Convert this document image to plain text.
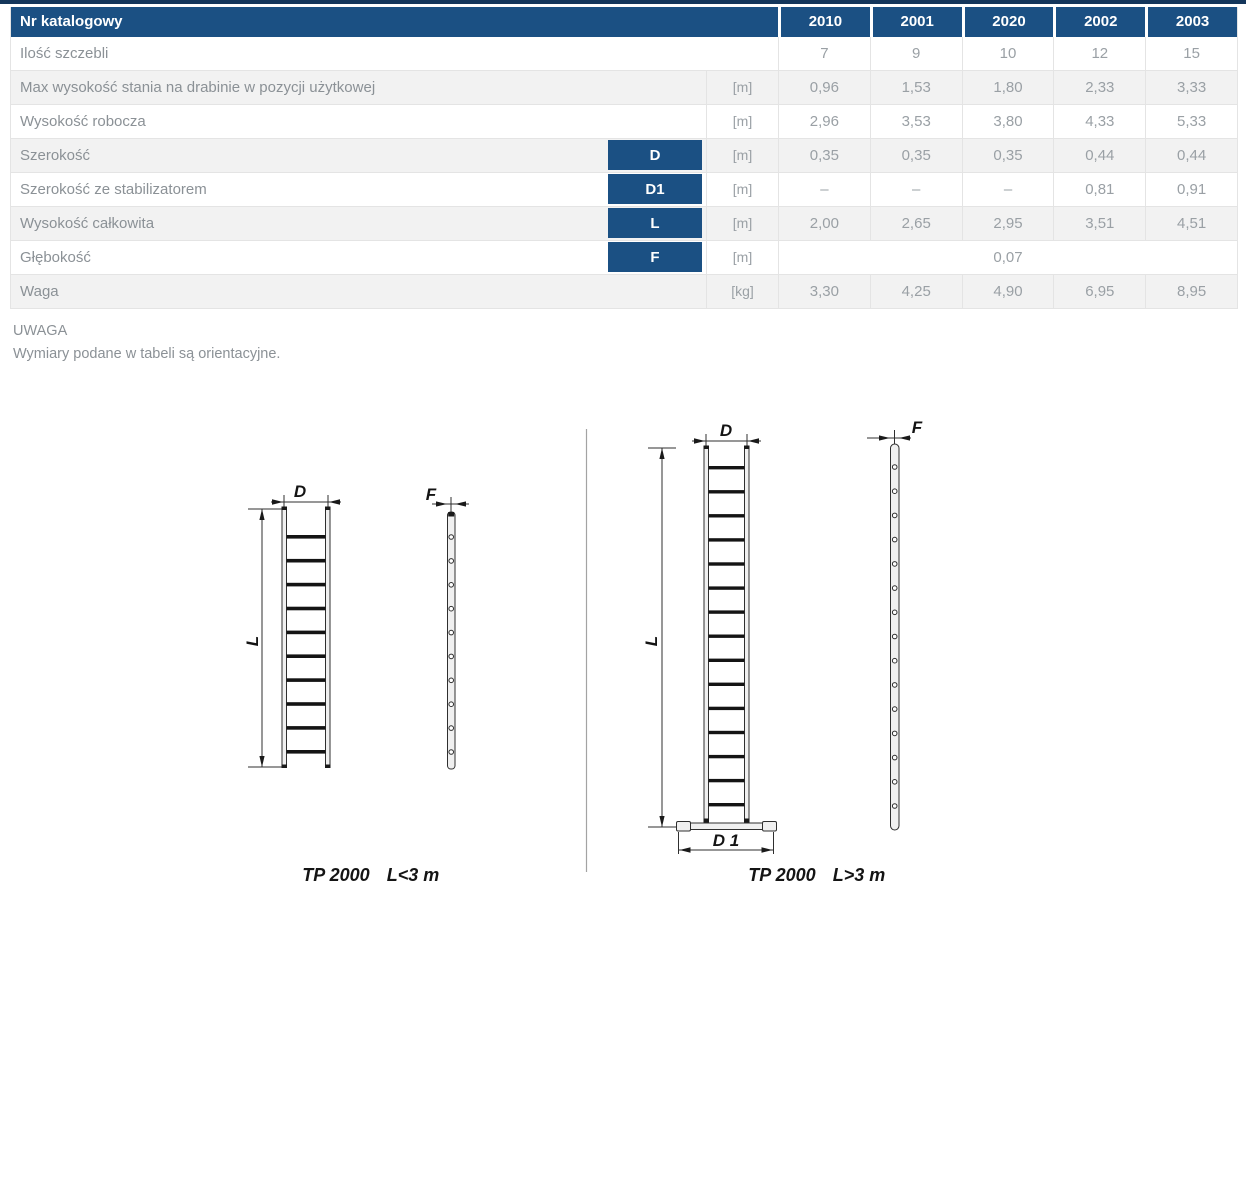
Nr katalogowy	2010	2001	2020	2002	2003
Ilość szczebli	7	9	10	12	15
Max wysokość stania na drabinie w pozycji użytkowej	[m]	0,96	1,53	1,80	2,33	3,33
Wysokość robocza	[m]	2,96	3,53	3,80	4,33	5,33
Szerokość	D	[m]	0,35	0,35	0,35	0,44	0,44
Szerokość ze stabilizatorem	D1	[m]	–	–	–	0,81	0,91
Wysokość całkowita	L	[m]	2,00	2,65	2,95	3,51	4,51
Głębokość	F	[m]	0,07
Waga	[kg]	3,30	4,25	4,90	6,95	8,95
UWAGA
Wymiary podane w tabeli są orientacyjne.
D
L
F
TP 2000 L<3 m
D
L
D 1
F
TP 2000 L>3 m
